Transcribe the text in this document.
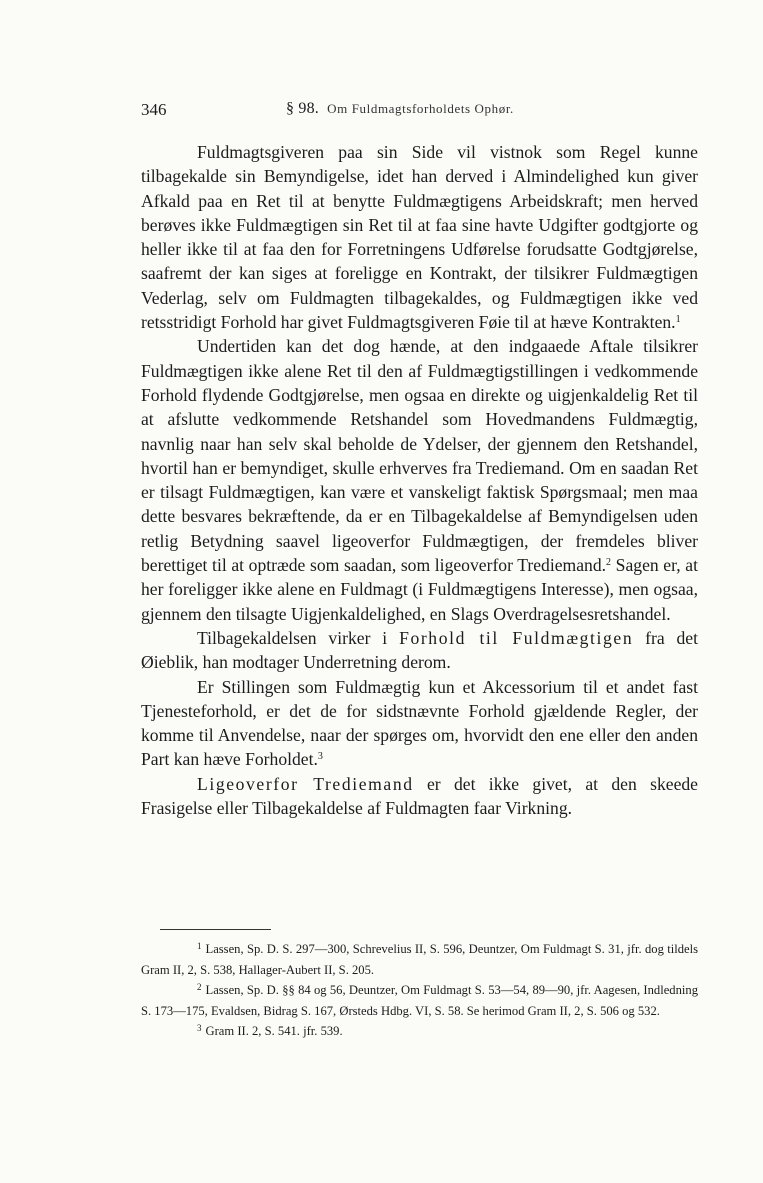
346	§ 98. Om Fuldmagtsforholdets Ophør.

Fuldmagtsgiveren paa sin Side vil vistnok som Regel kunne tilbagekalde sin Bemyndigelse, idet han derved i Almindelighed kun giver Afkald paa en Ret til at benytte Fuldmægtigens Arbeidskraft; men herved berøves ikke Fuldmægtigen sin Ret til at faa sine havte Udgifter godtgjorte og heller ikke til at faa den for Forretningens Udførelse forudsatte Godtgjørelse, saafremt der kan siges at foreligge en Kontrakt, der tilsikrer Fuldmægtigen Vederlag, selv om Fuldmagten tilbagekaldes, og Fuldmægtigen ikke ved retsstridigt Forhold har givet Fuldmagtsgiveren Føie til at hæve Kontrakten.$^1$

Undertiden kan det dog hænde, at den indgaaede Aftale tilsikrer Fuldmægtigen ikke alene Ret til den af Fuldmægtigstillingen i vedkommende Forhold flydende Godtgjørelse, men ogsaa en direkte og uigjenkaldelig Ret til at afslutte vedkommende Retshandel som Hovedmandens Fuldmægtig, navnlig naar han selv skal beholde de Ydelser, der gjennem den Retshandel, hvortil han er bemyndiget, skulle erhverves fra Trediemand. Om en saadan Ret er tilsagt Fuldmægtigen, kan være et vanskeligt faktisk Spørgsmaal; men maa dette besvares bekræftende, da er en Tilbagekaldelse af Bemyndigelsen uden retlig Betydning saavel ligeoverfor Fuldmægtigen, der fremdeles bliver berettiget til at optræde som saadan, som ligeoverfor Trediemand.$^2$ Sagen er, at her foreligger ikke alene en Fuldmagt (i Fuldmægtigens Interesse), men ogsaa, gjennem den tilsagte Uigjenkaldelighed, en Slags Overdragelsesretshandel.

Tilbagekaldelsen virker i Forhold til Fuldmægtigen fra det Øieblik, han modtager Underretning derom.

Er Stillingen som Fuldmægtig kun et Akcessorium til et andet fast Tjenesteforhold, er det de for sidstnævnte Forhold gjældende Regler, der komme til Anvendelse, naar der spørges om, hvorvidt den ene eller den anden Part kan hæve Forholdet.$^3$

Ligeoverfor Trediemand er det ikke givet, at den skeede Frasigelse eller Tilbagekaldelse af Fuldmagten faar Virkning.

$^1$ Lassen, Sp. D. S. 297—300, Schrevelius II, S. 596, Deuntzer, Om Fuldmagt S. 31, jfr. dog tildels Gram II, 2, S. 538, Hallager-Aubert II, S. 205.

$^2$ Lassen, Sp. D. §§ 84 og 56, Deuntzer, Om Fuldmagt S. 53—54, 89—90, jfr. Aagesen, Indledning S. 173—175, Evaldsen, Bidrag S. 167, Ørsteds Hdbg. VI, S. 58. Se herimod Gram II, 2, S. 506 og 532.

$^3$ Gram II. 2, S. 541. jfr. 539.
